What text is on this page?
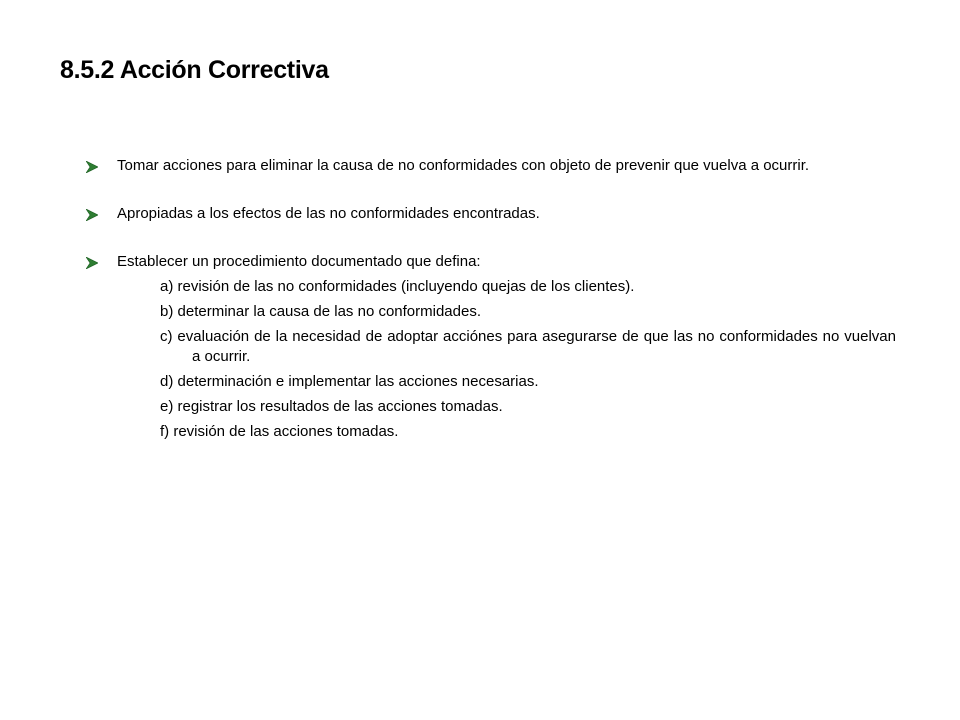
8.5.2 Acción Correctiva
Tomar acciones para eliminar la causa de no conformidades con objeto de prevenir que vuelva a ocurrir.
Apropiadas a los efectos de las no conformidades encontradas.
Establecer un procedimiento documentado que defina:
a) revisión de las no conformidades (incluyendo quejas de los clientes).
b) determinar la causa de las no conformidades.
c) evaluación de la necesidad de adoptar acciónes para asegurarse de que las no conformidades no vuelvan a ocurrir.
d) determinación e implementar las acciones necesarias.
e) registrar los resultados de las acciones tomadas.
f) revisión de las acciones tomadas.
